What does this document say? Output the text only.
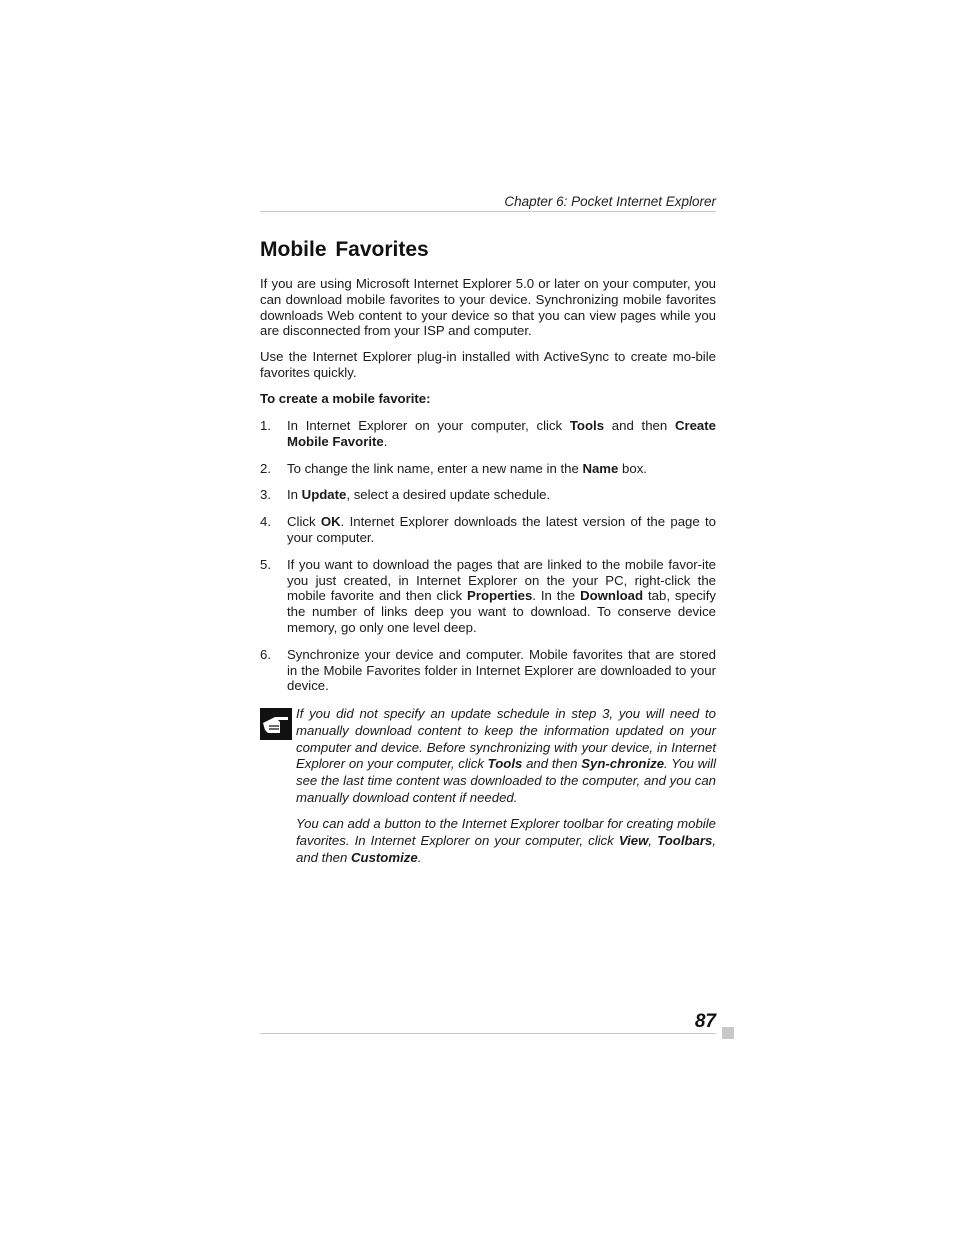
Chapter 6: Pocket Internet Explorer
Mobile Favorites

If you are using Microsoft Internet Explorer 5.0 or later on your computer, you can download mobile favorites to your device. Synchronizing mobile favorites downloads Web content to your device so that you can view pages while you are disconnected from your ISP and computer.

Use the Internet Explorer plug-in installed with ActiveSync to create mo-bile favorites quickly.

To create a mobile favorite:

1. In Internet Explorer on your computer, click Tools and then Create Mobile Favorite.
2. To change the link name, enter a new name in the Name box.
3. In Update, select a desired update schedule.
4. Click OK. Internet Explorer downloads the latest version of the page to your computer.
5. If you want to download the pages that are linked to the mobile favor-ite you just created, in Internet Explorer on the your PC, right-click the mobile favorite and then click Properties. In the Download tab, specify the number of links deep you want to download. To conserve device memory, go only one level deep.
6. Synchronize your device and computer. Mobile favorites that are stored in the Mobile Favorites folder in Internet Explorer are downloaded to your device.

If you did not specify an update schedule in step 3, you will need to manually download content to keep the information updated on your computer and device. Before synchronizing with your device, in Internet Explorer on your computer, click Tools and then Syn-chronize. You will see the last time content was downloaded to the computer, and you can manually download content if needed.

You can add a button to the Internet Explorer toolbar for creating mobile favorites. In Internet Explorer on your computer, click View, Toolbars, and then Customize.

87
